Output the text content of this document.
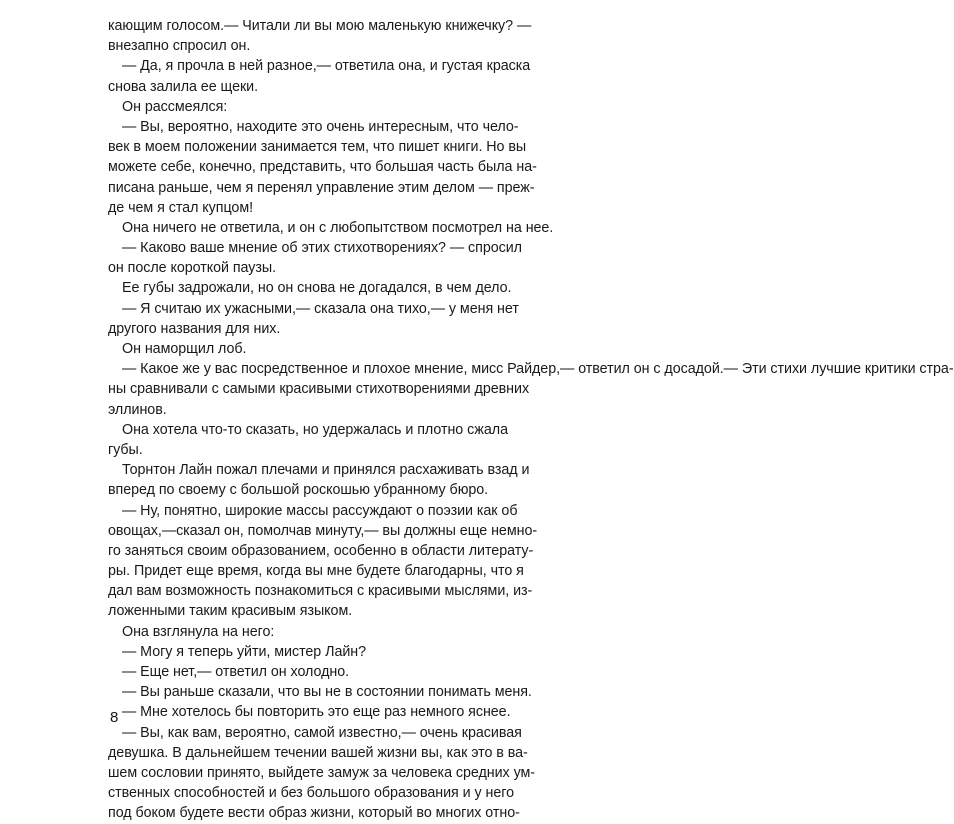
кающим голосом.— Читали ли вы мою маленькую книжечку? —
внезапно спросил он.
— Да, я прочла в ней разное,— ответила она, и густая краска
снова залила ее щеки.
Он рассмеялся:
— Вы, вероятно, находите это очень интересным, что чело-
век в моем положении занимается тем, что пишет книги. Но вы
можете себе, конечно, представить, что большая часть была на-
писана раньше, чем я перенял управление этим делом — преж-
де чем я стал купцом!
Она ничего не ответила, и он с любопытством посмотрел на нее.
— Каково ваше мнение об этих стихотворениях? — спросил
он после короткой паузы.
Ее губы задрожали, но он снова не догадался, в чем дело.
— Я считаю их ужасными,— сказала она тихо,— у меня нет
другого названия для них.
Он наморщил лоб.
— Какое же у вас посредственное и плохое мнение, мисс Райдер,— ответил он с досадой.— Эти стихи лучшие критики стра-
ны сравнивали с самыми красивыми стихотворениями древних
эллинов.
Она хотела что-то сказать, но удержалась и плотно сжала
губы.
Торнтон Лайн пожал плечами и принялся расхаживать взад и
вперед по своему с большой роскошью убранному бюро.
— Ну, понятно, широкие массы рассуждают о поэзии как об
овощах,—сказал он, помолчав минуту,— вы должны еще немно-
го заняться своим образованием, особенно в области литерату-
ры. Придет еще время, когда вы мне будете благодарны, что я
дал вам возможность познакомиться с красивыми мыслями, из-
ложенными таким красивым языком.
Она взглянула на него:
— Могу я теперь уйти, мистер Лайн?
— Еще нет,— ответил он холодно.
— Вы раньше сказали, что вы не в состоянии понимать меня.
— Мне хотелось бы повторить это еще раз немного яснее.
— Вы, как вам, вероятно, самой известно,— очень красивая
девушка. В дальнейшем течении вашей жизни вы, как это в ва-
шем сословии принято, выйдете замуж за человека средних ум-
ственных способностей и без большого образования и у него
под боком будете вести образ жизни, который во многих отно-
8
